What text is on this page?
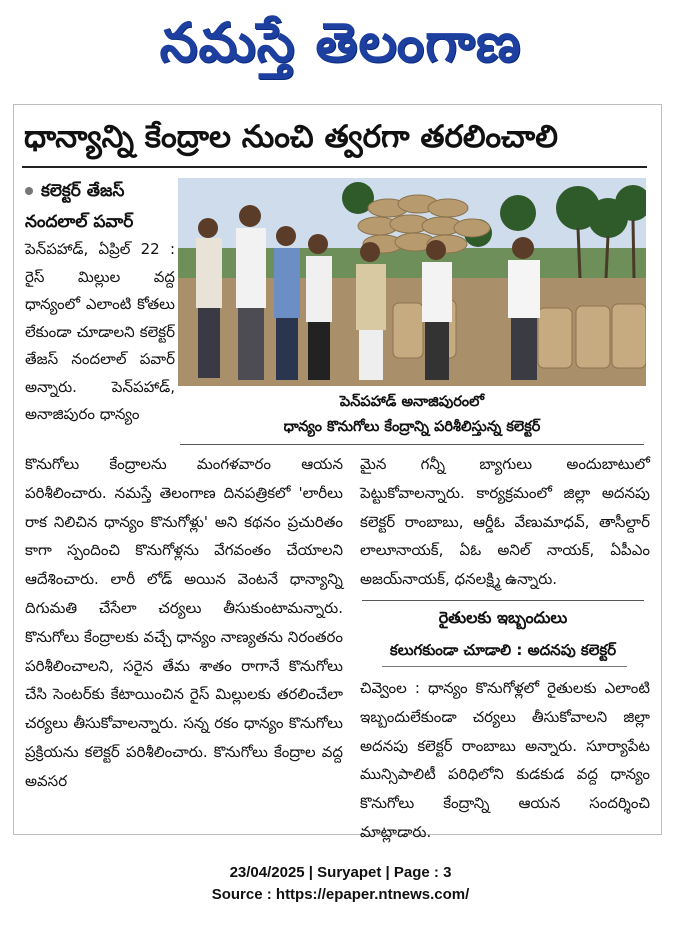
నమస్తే తెలంగాణ
ధాన్యాన్ని కేంద్రాల నుంచి త్వరగా తరలించాలి
కలెక్టర్ తేజస్
నందలాల్ పవార్

పెన్‌పహాడ్, ఏప్రిల్ 22 : రైస్ మిల్లుల వద్ద ధాన్యంలో ఎలాంటి కోతలు లేకుండా చూడాలని కలెక్టర్ తేజస్ నందలాల్ పవార్ అన్నారు. పెన్‌పహాడ్, అనాజిపురం ధాన్యం

పెన్‌పహాడ్ అనాజిపురంలో
ధాన్యం కొనుగోలు కేంద్రాన్ని పరిశీలిస్తున్న కలెక్టర్

కొనుగోలు కేంద్రాలను మంగళవారం ఆయన పరిశీలించారు. నమస్తే తెలంగాణ దినపత్రికలో 'లారీలు రాక నిలిచిన ధాన్యం కొనుగోళ్లు' అని కథనం ప్రచురితం కాగా స్పందించి కొనుగోళ్లను వేగవంతం చేయాలని ఆదేశించారు. లారీ లోడ్ అయిన వెంటనే ధాన్యాన్ని దిగుమతి చేసేలా చర్యలు తీసుకుంటామన్నారు. కొనుగోలు కేంద్రాలకు వచ్చే ధాన్యం నాణ్యతను నిరంతరం పరిశీలించాలని, సరైన తేమ శాతం రాగానే కొనుగోలు చేసి సెంటర్‌కు కేటాయించిన రైస్ మిల్లులకు తరలించేలా చర్యలు తీసుకోవాలన్నారు. సన్న రకం ధాన్యం కొనుగోలు ప్రక్రియను కలెక్టర్ పరిశీలించారు. కొనుగోలు కేంద్రాల వద్ద అవసర

మైన గన్నీ బ్యాగులు అందుబాటులో పెట్టుకోవాలన్నారు. కార్యక్రమంలో జిల్లా అదనపు కలెక్టర్ రాంబాబు, ఆర్డీఓ వేణుమాధవ్, తాసీల్దార్ లాలూనాయక్, ఏఓ అనిల్ నాయక్, ఏపీఎం అజయ్‌నాయక్, ధనలక్ష్మి ఉన్నారు.

రైతులకు ఇబ్బందులు
కలుగకుండా చూడాలి : అదనపు కలెక్టర్

చివ్వెంల : ధాన్యం కొనుగోళ్లలో రైతులకు ఎలాంటి ఇబ్బందులేకుండా చర్యలు తీసుకోవాలని జిల్లా అదనపు కలెక్టర్ రాంబాబు అన్నారు. సూర్యాపేట మున్సిపాలిటీ పరిధిలోని కుడకుడ వద్ద ధాన్యం కొనుగోలు కేంద్రాన్ని ఆయన సందర్శించి మాట్లాడారు.

23/04/2025 | Suryapet | Page : 3
Source : https://epaper.ntnews.com/
